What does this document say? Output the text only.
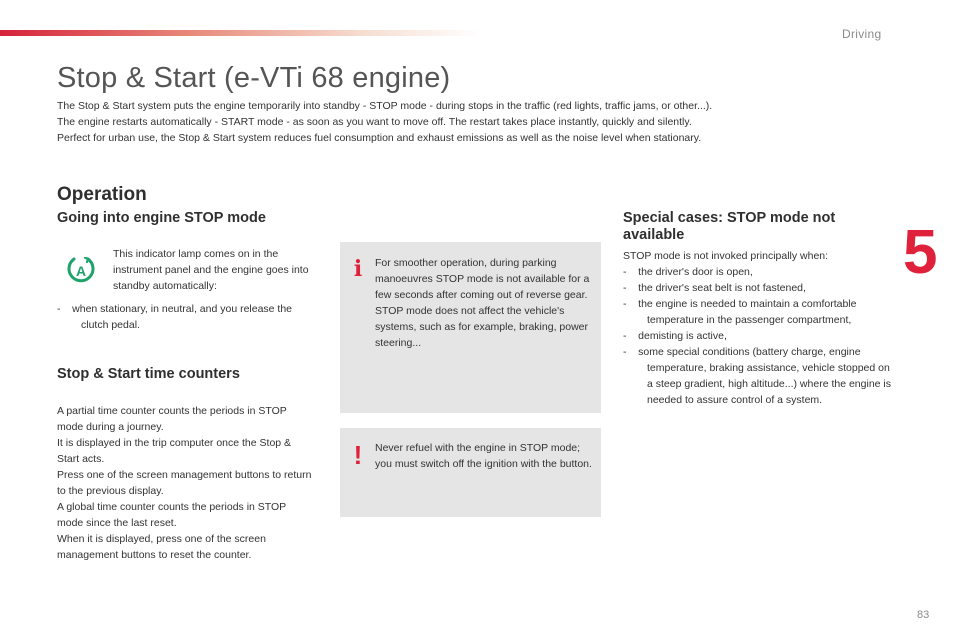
Driving
5
Stop & Start (e-VTi 68 engine)

The Stop & Start system puts the engine temporarily into standby - STOP mode - during stops in the traffic (red lights, traffic jams, or other...).

The engine restarts automatically - START mode - as soon as you want to move off. The restart takes place instantly, quickly and silently.

Perfect for urban use, the Stop & Start system reduces fuel consumption and exhaust emissions as well as the noise level when stationary.

Operation
Going into engine STOP mode
A
This indicator lamp comes on in the instrument panel and the engine goes into standby automatically:

-    when stationary, in neutral, and you release the clutch pedal.

Stop & Start time counters

A partial time counter counts the periods in STOP mode during a journey.

It is displayed in the trip computer once the Stop & Start acts.

Press one of the screen management buttons to return to the previous display.

A global time counter counts the periods in STOP mode since the last reset.

When it is displayed, press one of the screen management buttons to reset the counter.

i	For smoother operation, during parking manoeuvres STOP mode is not available for a few seconds after coming out of reverse gear.

STOP mode does not affect the vehicle's systems, such as for example, braking, power steering...

!	Never refuel with the engine in STOP mode; you must switch off the ignition with the button.

Special cases: STOP mode not available

STOP mode is not invoked principally when:

-    the driver's door is open,

-    the driver's seat belt is not fastened,

-    the engine is needed to maintain a comfortable temperature in the passenger compartment,

-    demisting is active,

-    some special conditions (battery charge, engine temperature, braking assistance, vehicle stopped on a steep gradient, high altitude...) where the engine is needed to assure control of a system.

83
